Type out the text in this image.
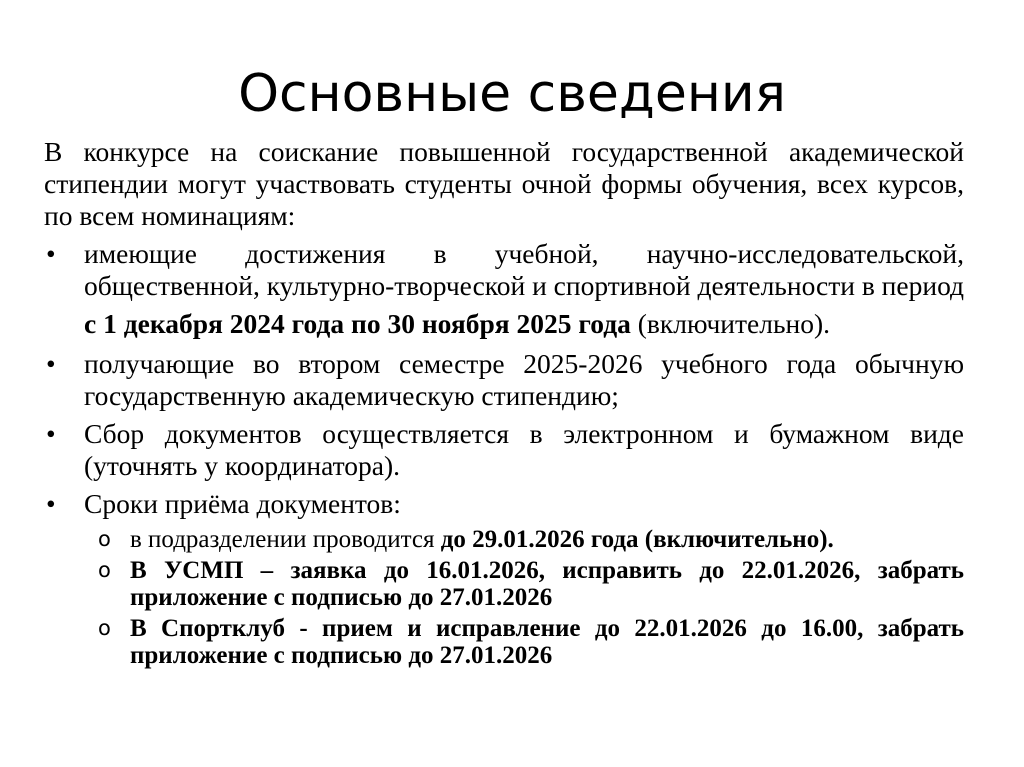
Основные сведения

В конкурсе на соискание повышенной государственной академической стипендии могут участвовать студенты очной формы обучения, всех курсов, по всем номинациям:

• имеющие достижения в учебной, научно-исследовательской, общественной, культурно-творческой и спортивной деятельности в период
с 1 декабря 2024 года по 30 ноября 2025 года (включительно).
• получающие во втором семестре 2025-2026 учебного года обычную государственную академическую стипендию;
• Сбор документов осуществляется в электронном и бумажном виде (уточнять у координатора).
• Сроки приёма документов:
o в подразделении проводится до 29.01.2026 года (включительно).
o В УСМП – заявка до 16.01.2026, исправить до 22.01.2026, забрать приложение с подписью до 27.01.2026
o В Спортклуб - прием и исправление до 22.01.2026 до 16.00, забрать приложение с подписью до 27.01.2026
